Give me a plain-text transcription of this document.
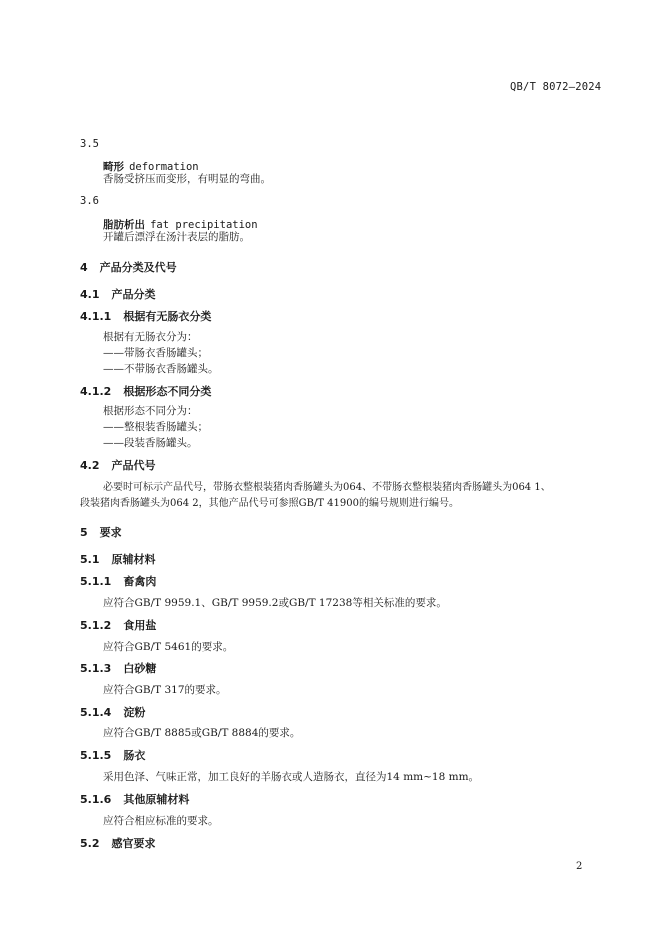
QB/T 8072—2024
3.5
畸形 deformation
香肠受挤压而变形，有明显的弯曲。
3.6
脂肪析出 fat precipitation
开罐后漂浮在汤汁表层的脂肪。
4 产品分类及代号
4.1 产品分类
4.1.1 根据有无肠衣分类
根据有无肠衣分为：
——带肠衣香肠罐头；
——不带肠衣香肠罐头。
4.1.2 根据形态不同分类
根据形态不同分为：
——整根装香肠罐头；
——段装香肠罐头。
4.2 产品代号
必要时可标示产品代号，带肠衣整根装猪肉香肠罐头为064、不带肠衣整根装猪肉香肠罐头为064 1、
段装猪肉香肠罐头为064 2，其他产品代号可参照GB/T 41900的编号规则进行编号。
5 要求
5.1 原辅材料
5.1.1 畜禽肉
应符合GB/T 9959.1、GB/T 9959.2或GB/T 17238等相关标准的要求。
5.1.2 食用盐
应符合GB/T 5461的要求。
5.1.3 白砂糖
应符合GB/T 317的要求。
5.1.4 淀粉
应符合GB/T 8885或GB/T 8884的要求。
5.1.5 肠衣
采用色泽、气味正常，加工良好的羊肠衣或人造肠衣，直径为14 mm~18 mm。
5.1.6 其他原辅材料
应符合相应标准的要求。
5.2 感官要求
2
